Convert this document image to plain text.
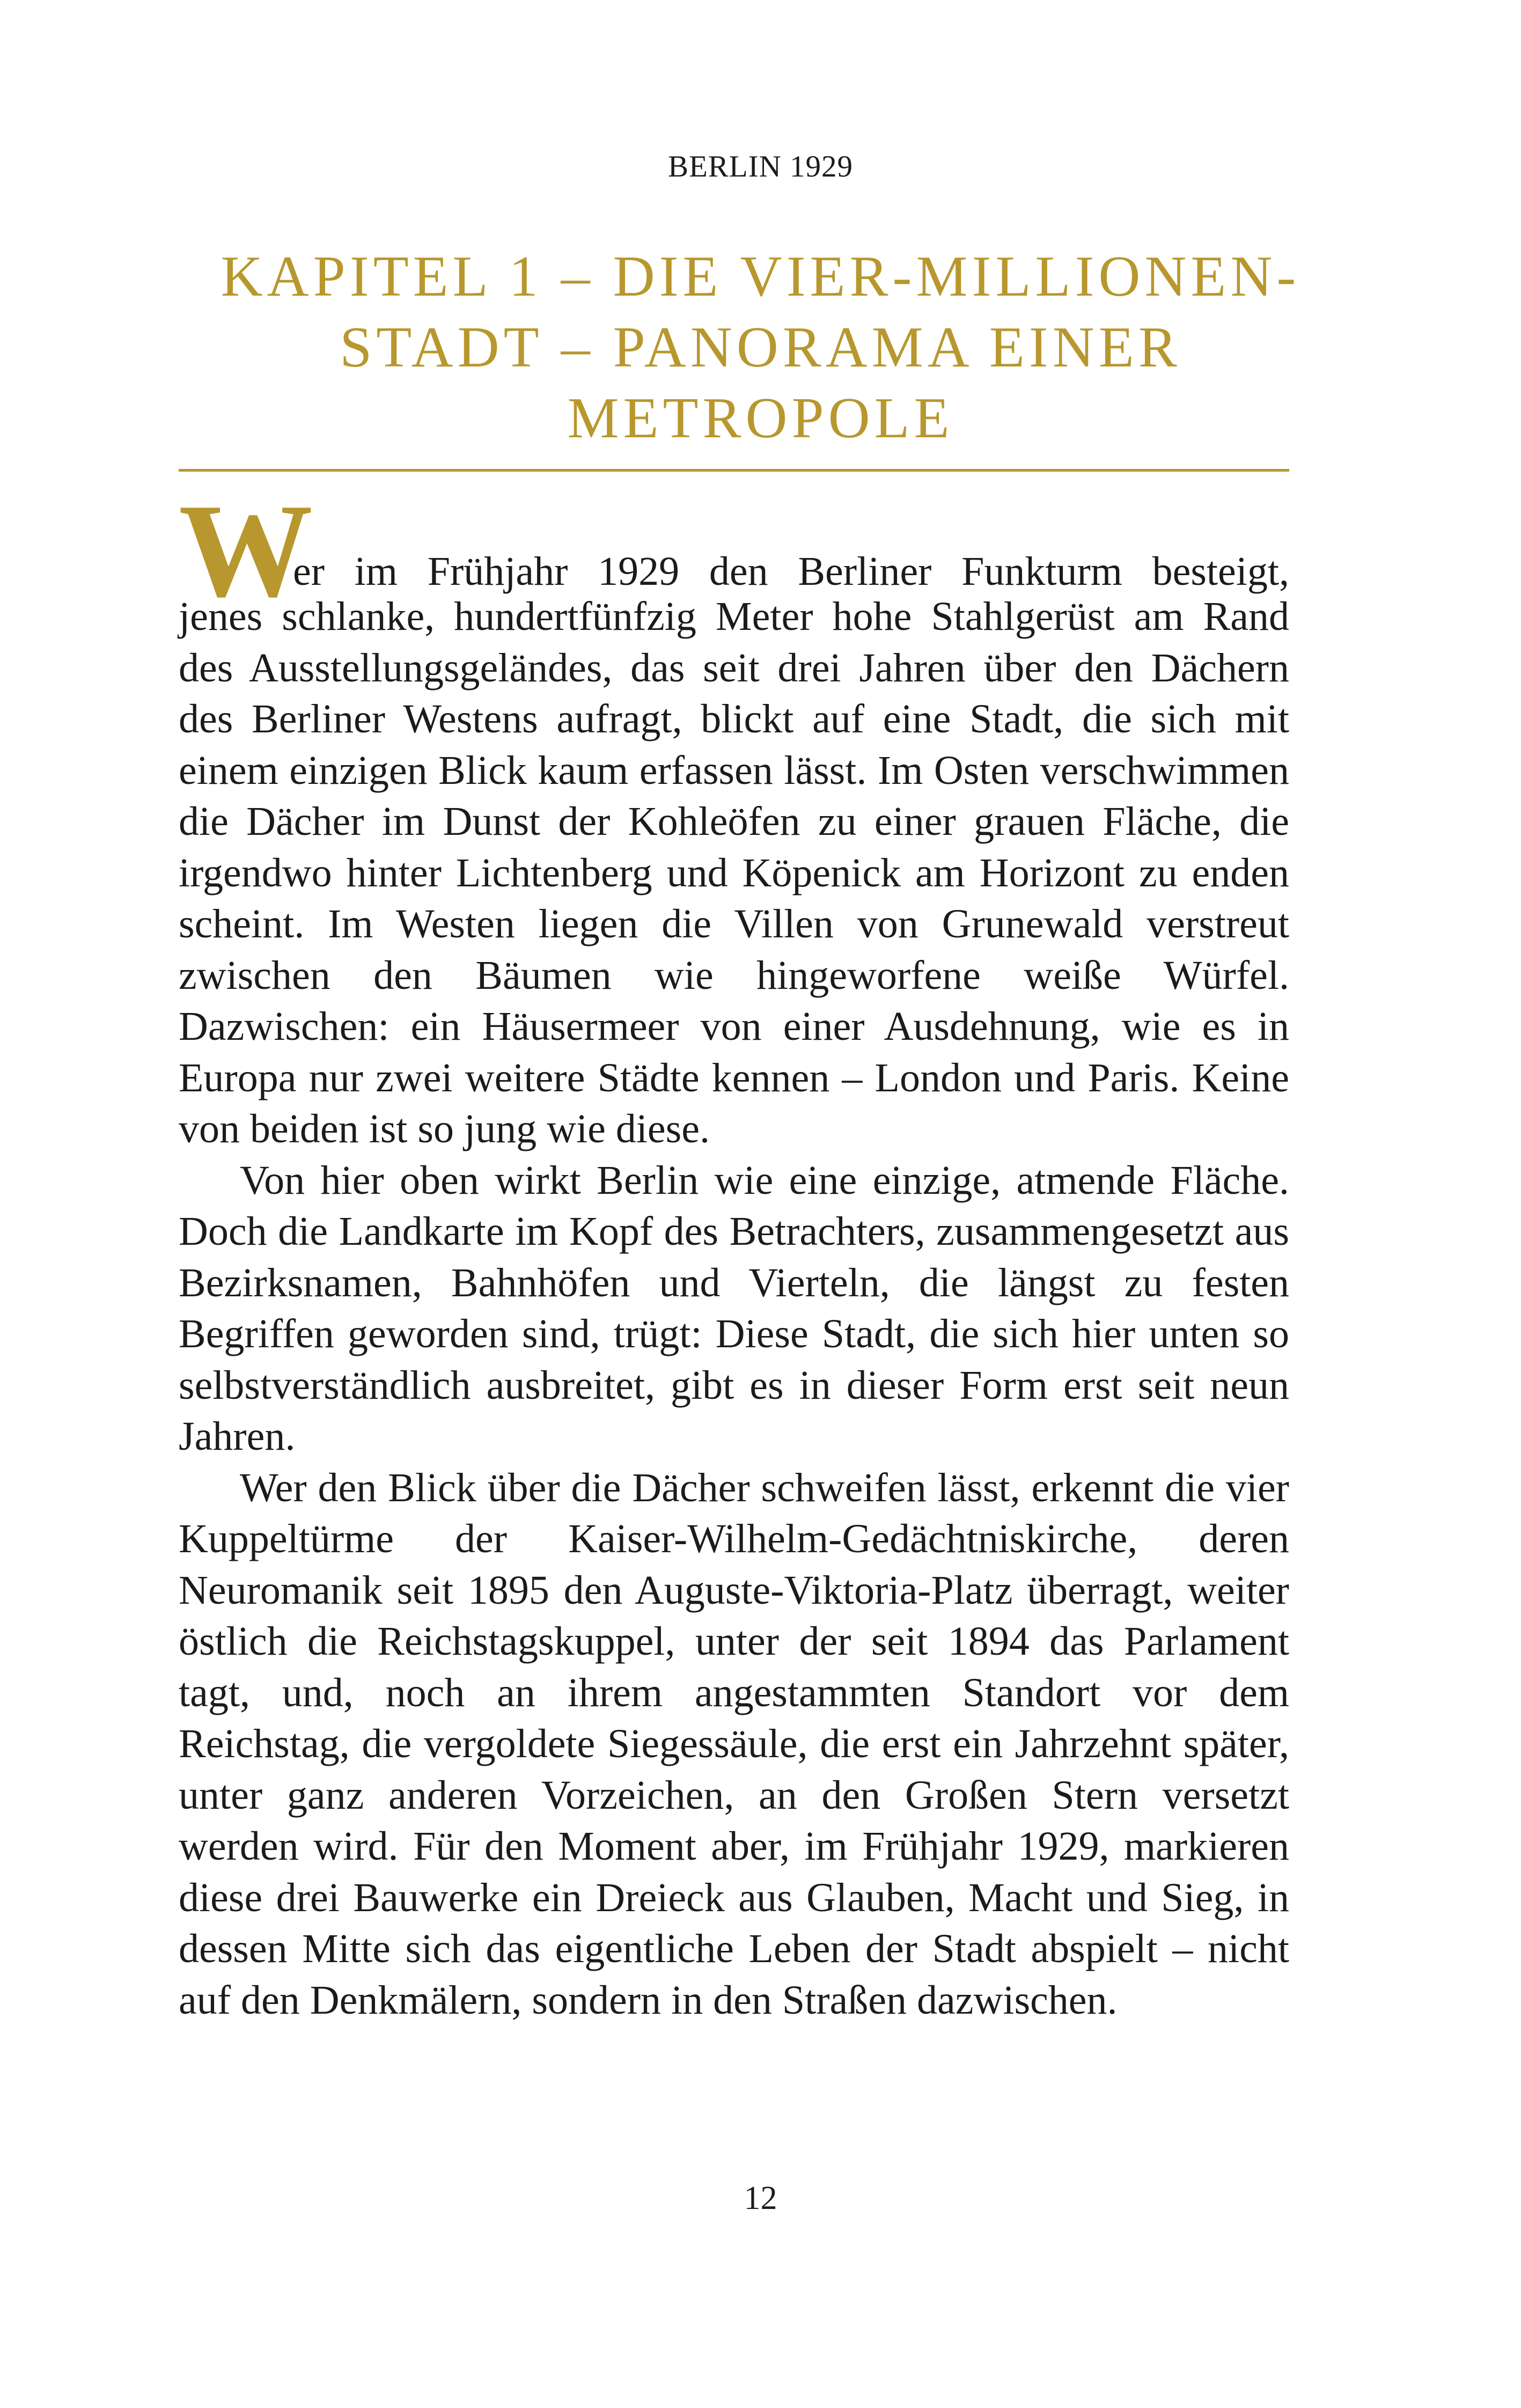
BERLIN 1929
KAPITEL 1 – DIE VIER-MILLIONEN-STADT – PANORAMA EINER METROPOLE
W
er im Frühjahr 1929 den Berliner Funkturm besteigt,

jenes schlanke, hundertfünfzig Meter hohe Stahlgerüst am Rand des Ausstellungsgeländes, das seit drei Jahren über den Dächern des Berliner Westens aufragt, blickt auf eine Stadt, die sich mit einem einzigen Blick kaum erfassen lässt. Im Osten verschwimmen die Dächer im Dunst der Kohleöfen zu einer grauen Fläche, die irgendwo hinter Lichtenberg und Köpenick am Horizont zu enden scheint. Im Westen liegen die Villen von Grunewald verstreut zwischen den Bäumen wie hingeworfene weiße Würfel. Dazwischen: ein Häusermeer von einer Ausdehnung, wie es in Europa nur zwei weitere Städte kennen – London und Paris. Keine von beiden ist so jung wie diese.

Von hier oben wirkt Berlin wie eine einzige, atmende Fläche. Doch die Landkarte im Kopf des Betrachters, zusammengesetzt aus Bezirksnamen, Bahnhöfen und Vierteln, die längst zu festen Begriffen geworden sind, trügt: Diese Stadt, die sich hier unten so selbstverständlich ausbreitet, gibt es in dieser Form erst seit neun Jahren.

Wer den Blick über die Dächer schweifen lässt, erkennt die vier Kuppeltürme der Kaiser-Wilhelm-Gedächtniskirche, deren Neuromanik seit 1895 den Auguste-Viktoria-Platz überragt, weiter östlich die Reichstagskuppel, unter der seit 1894 das Parlament tagt, und, noch an ihrem angestammten Standort vor dem Reichstag, die vergoldete Siegessäule, die erst ein Jahrzehnt später, unter ganz anderen Vorzeichen, an den Großen Stern versetzt werden wird. Für den Moment aber, im Frühjahr 1929, markieren diese drei Bauwerke ein Dreieck aus Glauben, Macht und Sieg, in dessen Mitte sich das eigentliche Leben der Stadt abspielt – nicht auf den Denkmälern, sondern in den Straßen dazwischen.

12
